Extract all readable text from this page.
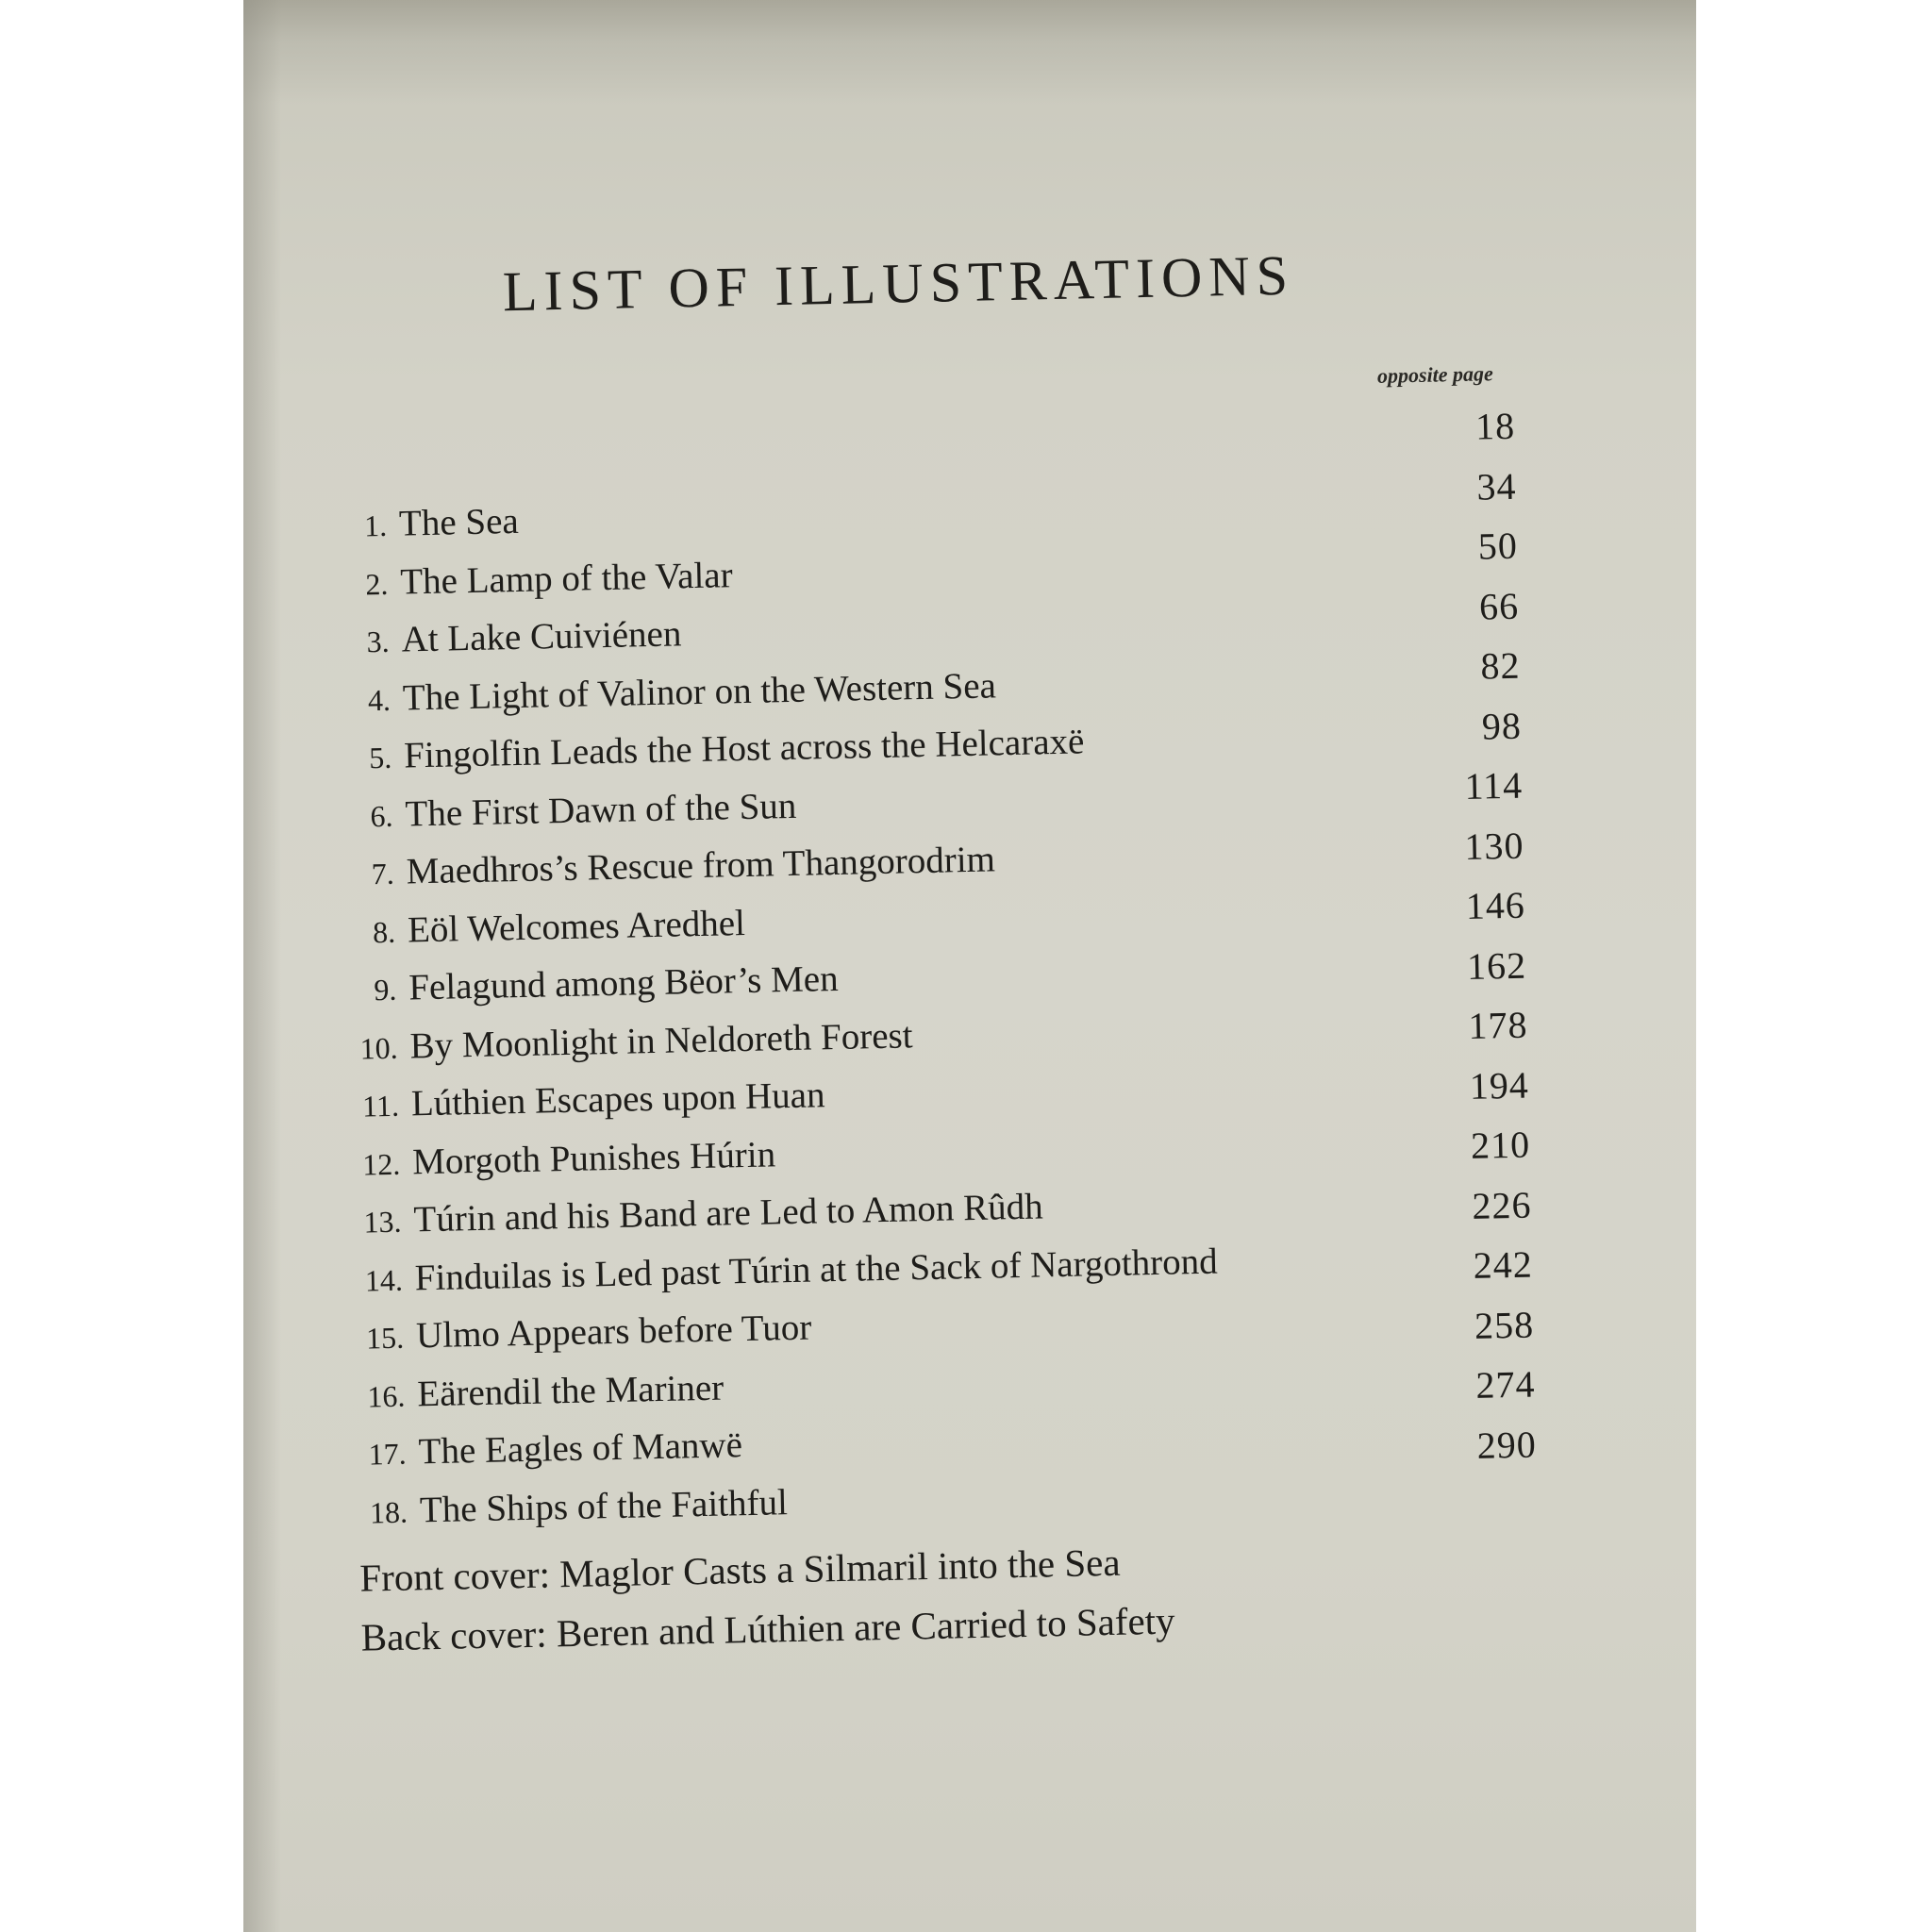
LIST OF ILLUSTRATIONS
opposite page
1. The Sea
2. The Lamp of the Valar
3. At Lake Cuiviénen
4. The Light of Valinor on the Western Sea
5. Fingolfin Leads the Host across the Helcaraxë
6. The First Dawn of the Sun
7. Maedhros’s Rescue from Thangorodrim
8. Eöl Welcomes Aredhel
9. Felagund among Bëor’s Men
10. By Moonlight in Neldoreth Forest
11. Lúthien Escapes upon Huan
12. Morgoth Punishes Húrin
13. Túrin and his Band are Led to Amon Rûdh
14. Finduilas is Led past Túrin at the Sack of Nargothrond
15. Ulmo Appears before Tuor
16. Eärendil the Mariner
17. The Eagles of Manwë
18. The Ships of the Faithful
18
34
50
66
82
98
114
130
146
162
178
194
210
226
242
258
274
290
Front cover: Maglor Casts a Silmaril into the Sea
Back cover: Beren and Lúthien are Carried to Safety
